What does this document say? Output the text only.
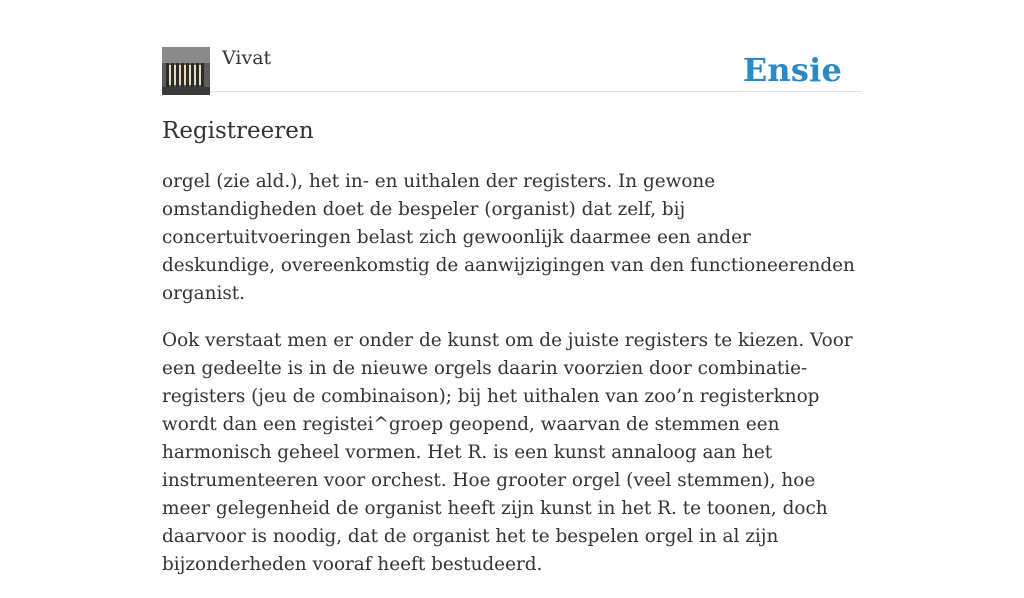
Vivat	Ensie
Registreeren

orgel (zie ald.), het in- en uithalen der registers. In gewone omstandigheden doet de bespeler (organist) dat zelf, bij concertuitvoeringen belast zich gewoonlijk daarmee een ander deskundige, overeenkomstig de aanwijzigingen van den functioneerenden organist.

Ook verstaat men er onder de kunst om de juiste registers te kiezen. Voor een gedeelte is in de nieuwe orgels daarin voorzien door combinatie-registers (jeu de combinaison); bij het uithalen van zoo’n registerknop wordt dan een registei^groep geopend, waarvan de stemmen een harmonisch geheel vormen. Het R. is een kunst annaloog aan het instrumenteeren voor orchest. Hoe grooter orgel (veel stemmen), hoe meer gelegenheid de organist heeft zijn kunst in het R. te toonen, doch daarvoor is noodig, dat de organist het te bespelen orgel in al zijn bijzonderheden vooraf heeft bestudeerd.
